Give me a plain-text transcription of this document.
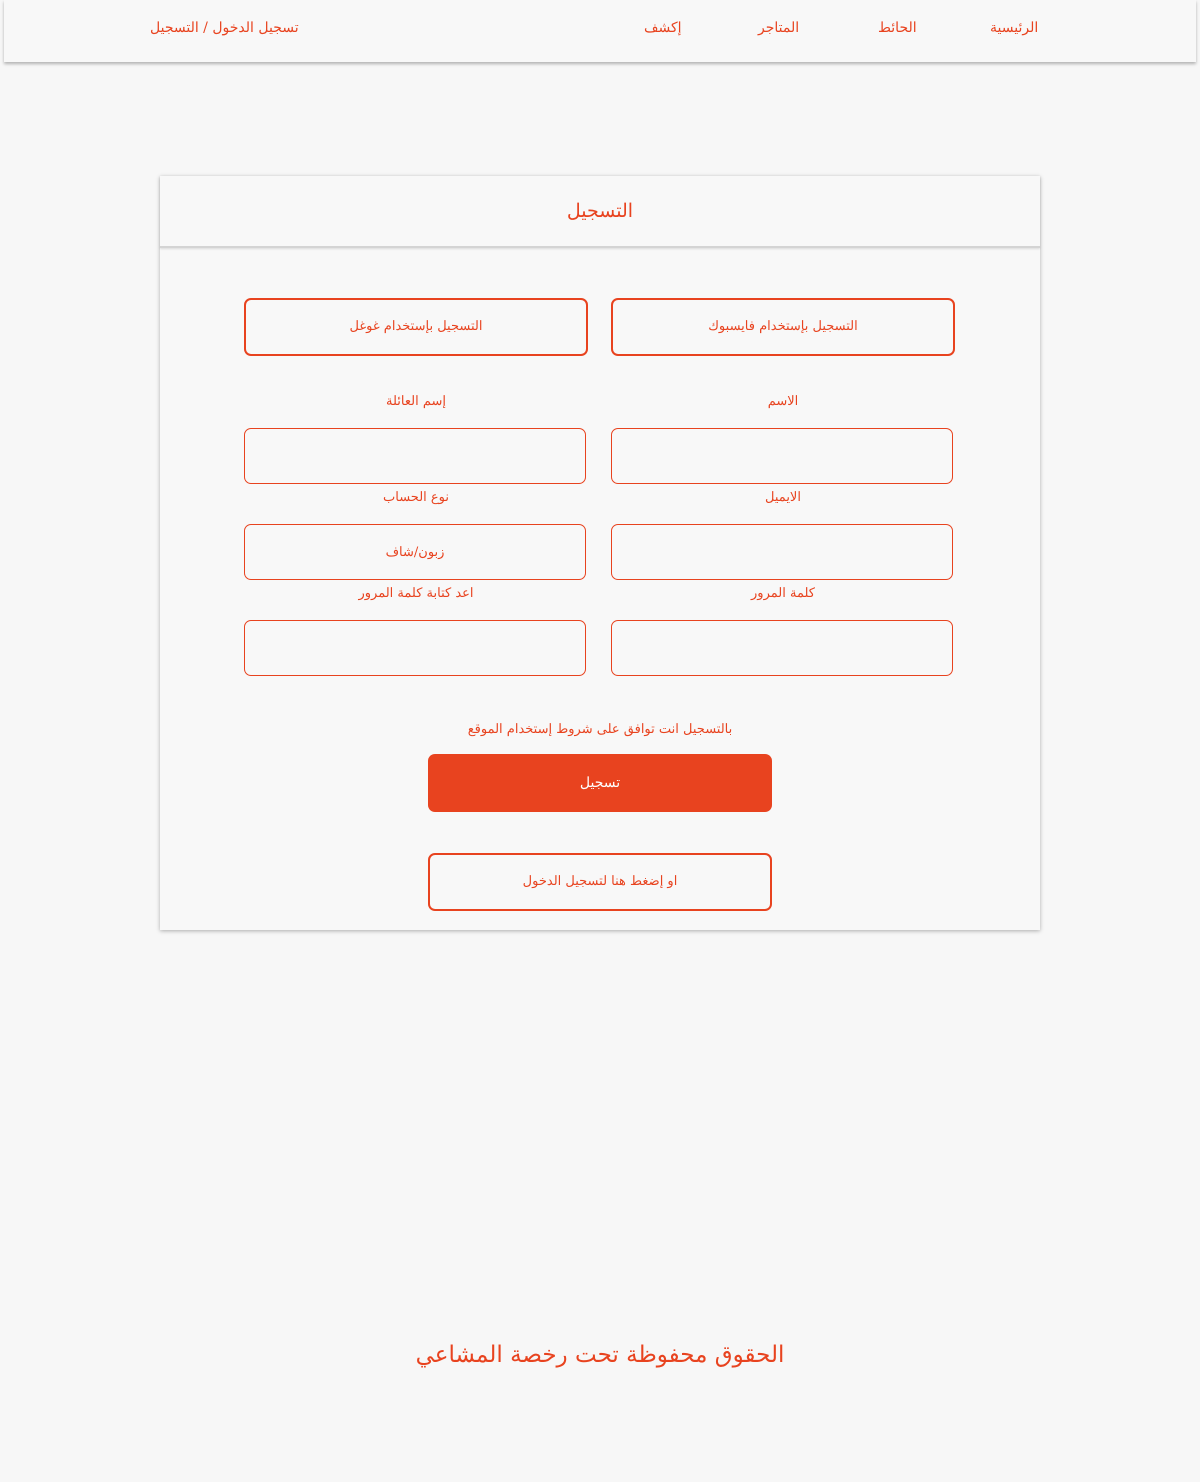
تسجيل الدخول / التسجيل	إكشف	المتاجر	الحائط	الرئيسية
التسجيل
التسجيل بإستخدام غوغل	التسجيل بإستخدام فايسبوك
إسم العائلة	الاسم
نوع الحساب	الايميل
زبون/شاف
اعد كتابة كلمة المرور	كلمة المرور
بالتسجيل انت توافق على شروط إستخدام الموقع
تسجيل
او إضغط هنا لتسجيل الدخول
الحقوق محفوظة تحت رخصة المشاعي
